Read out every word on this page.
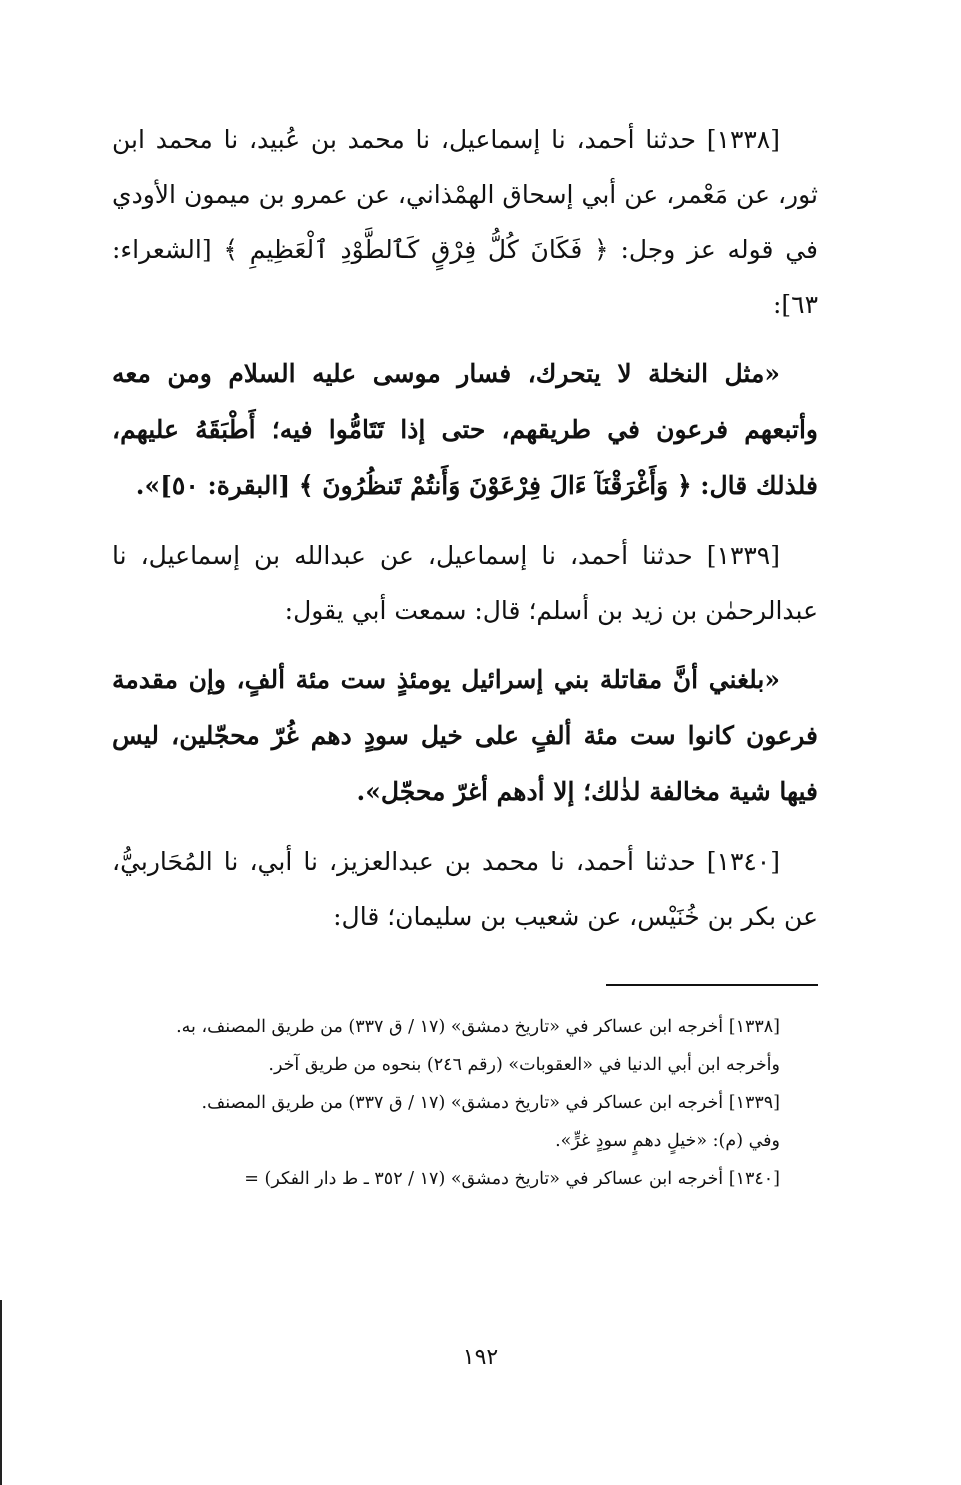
[١٣٣٨] حدثنا أحمد، نا إسماعيل، نا محمد بن عُبيد، نا محمد ابن ثور، عن مَعْمر، عن أبي إسحاق الهمْذاني، عن عمرو بن ميمون الأودي في قوله عز وجل: ﴿ فَكَانَ كُلُّ فِرْقٍ كَٱلطَّوْدِ ٱلْعَظِيمِ ﴾ [الشعراء: ٦٣]:

«مثل النخلة لا يتحرك، فسار موسى عليه السلام ومن معه وأتبعهم فرعون في طريقهم، حتى إذا تَتَامُّوا فيه؛ أَطْبَقَهُ عليهم، فلذلك قال: ﴿ وَأَغْرَقْنَآ ءَالَ فِرْعَوْنَ وَأَنتُمْ تَنظُرُونَ ﴾ [البقرة: ٥٠]».

[١٣٣٩] حدثنا أحمد، نا إسماعيل، عن عبدالله بن إسماعيل، نا عبدالرحمٰن بن زيد بن أسلم؛ قال: سمعت أبي يقول:

«بلغني أنَّ مقاتلة بني إسرائيل يومئذٍ ست مئة ألفٍ، وإن مقدمة فرعون كانوا ست مئة ألفٍ على خيل سودٍ دهم غُرّ محجّلين، ليس فيها شية مخالفة لذٰلك؛ إلا أدهم أغرّ محجّل».

[١٣٤٠] حدثنا أحمد، نا محمد بن عبدالعزيز، نا أبي، نا المُحَاربيُّ، عن بكر بن خُنَيْس، عن شعيب بن سليمان؛ قال:

[١٣٣٨] أخرجه ابن عساكر في «تاريخ دمشق» (١٧ / ق ٣٣٧) من طريق المصنف، به.

وأخرجه ابن أبي الدنيا في «العقوبات» (رقم ٢٤٦) بنحوه من طريق آخر.

[١٣٣٩] أخرجه ابن عساكر في «تاريخ دمشق» (١٧ / ق ٣٣٧) من طريق المصنف.

وفي (م): «خيلٍ دهمٍ سودٍ غرٍّ».

[١٣٤٠] أخرجه ابن عساكر في «تاريخ دمشق» (١٧ / ٣٥٢ ـ ط دار الفكر) =

١٩٢
